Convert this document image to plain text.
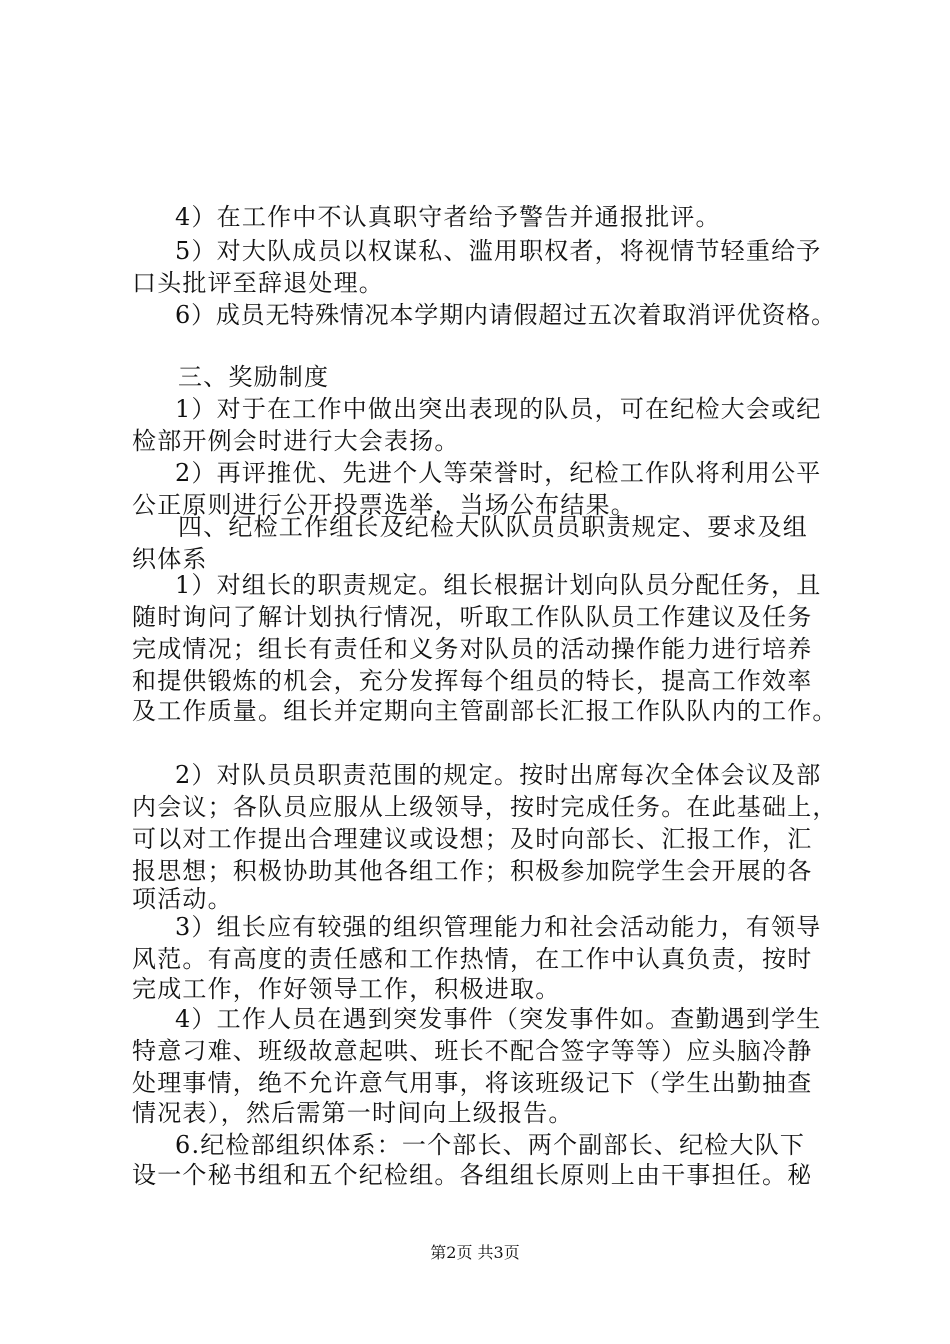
4）在工作中不认真职守者给予警告并通报批评。
5）对大队成员以权谋私、滥用职权者，将视情节轻重给予
口头批评至辞退处理。
6）成员无特殊情况本学期内请假超过五次着取消评优资格。
三、奖励制度
1）对于在工作中做出突出表现的队员，可在纪检大会或纪
检部开例会时进行大会表扬。
2）再评推优、先进个人等荣誉时，纪检工作队将利用公平
公正原则进行公开投票选举，当场公布结果。
四、纪检工作组长及纪检大队队员员职责规定、要求及组
织体系
1）对组长的职责规定。组长根据计划向队员分配任务，且
随时询问了解计划执行情况，听取工作队队员工作建议及任务
完成情况；组长有责任和义务对队员的活动操作能力进行培养
和提供锻炼的机会，充分发挥每个组员的特长，提高工作效率
及工作质量。组长并定期向主管副部长汇报工作队队内的工作。
2）对队员员职责范围的规定。按时出席每次全体会议及部
内会议；各队员应服从上级领导，按时完成任务。在此基础上，
可以对工作提出合理建议或设想；及时向部长、汇报工作，汇
报思想；积极协助其他各组工作；积极参加院学生会开展的各
项活动。
3）组长应有较强的组织管理能力和社会活动能力，有领导
风范。有高度的责任感和工作热情，在工作中认真负责，按时
完成工作，作好领导工作，积极进取。
4）工作人员在遇到突发事件（突发事件如。查勤遇到学生
特意刁难、班级故意起哄、班长不配合签字等等）应头脑冷静
处理事情，绝不允许意气用事，将该班级记下（学生出勤抽查
情况表），然后需第一时间向上级报告。
6.纪检部组织体系：一个部长、两个副部长、纪检大队下
设一个秘书组和五个纪检组。各组组长原则上由干事担任。秘
第2页 共3页
